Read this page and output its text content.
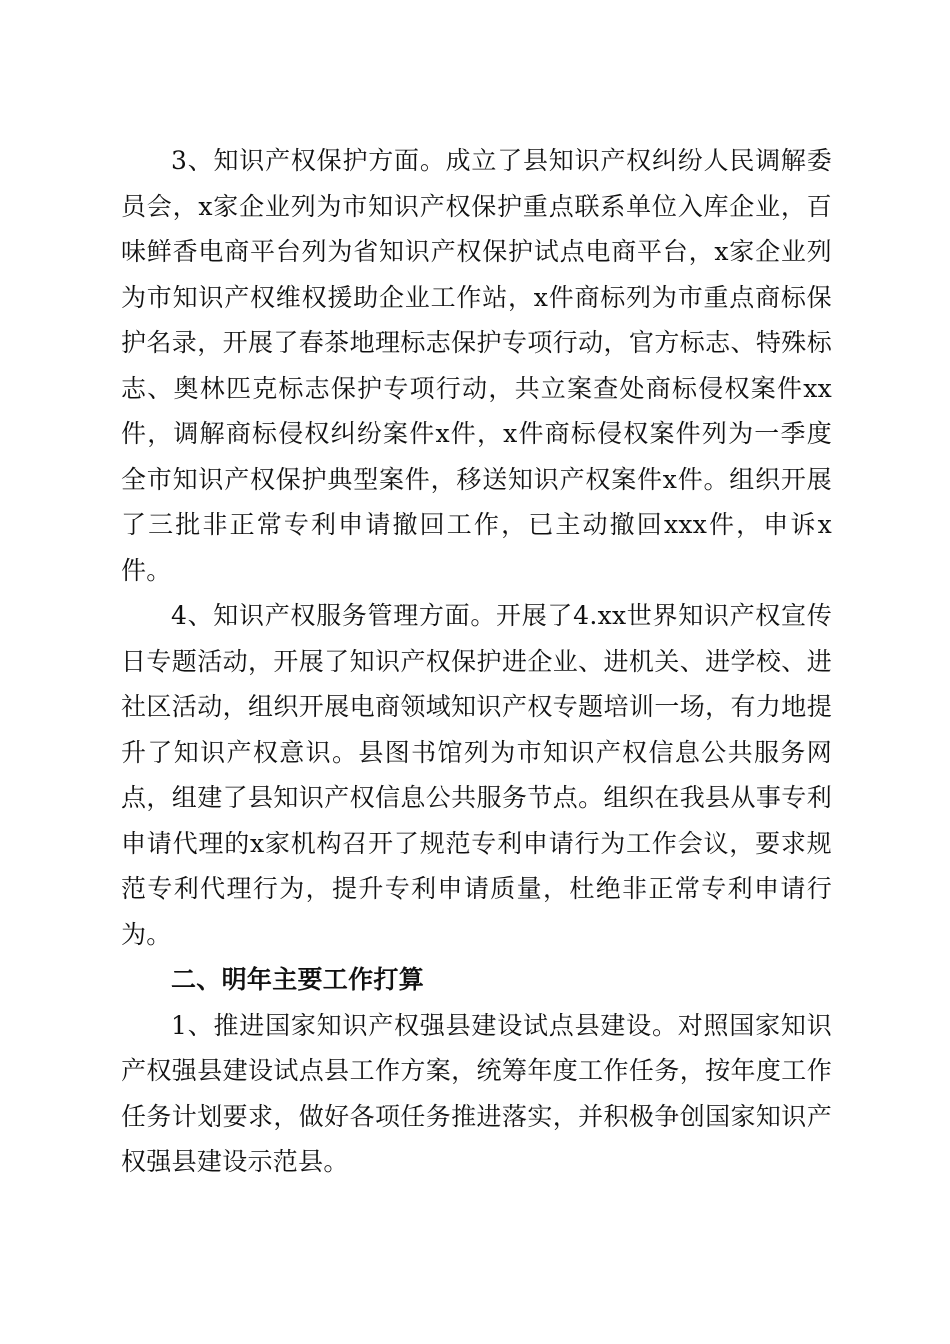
3、知识产权保护方面。成立了县知识产权纠纷人民调解委员会，x家企业列为市知识产权保护重点联系单位入库企业，百味鲜香电商平台列为省知识产权保护试点电商平台，x家企业列为市知识产权维权援助企业工作站，x件商标列为市重点商标保护名录，开展了春茶地理标志保护专项行动，官方标志、特殊标志、奥林匹克标志保护专项行动，共立案查处商标侵权案件xx件，调解商标侵权纠纷案件x件，x件商标侵权案件列为一季度全市知识产权保护典型案件，移送知识产权案件x件。组织开展了三批非正常专利申请撤回工作，已主动撤回xxx件，申诉x件。

4、知识产权服务管理方面。开展了4.xx世界知识产权宣传日专题活动，开展了知识产权保护进企业、进机关、进学校、进社区活动，组织开展电商领域知识产权专题培训一场，有力地提升了知识产权意识。县图书馆列为市知识产权信息公共服务网点，组建了县知识产权信息公共服务节点。组织在我县从事专利申请代理的x家机构召开了规范专利申请行为工作会议，要求规范专利代理行为，提升专利申请质量，杜绝非正常专利申请行为。

二、明年主要工作打算

1、推进国家知识产权强县建设试点县建设。对照国家知识产权强县建设试点县工作方案，统筹年度工作任务，按年度工作任务计划要求，做好各项任务推进落实，并积极争创国家知识产权强县建设示范县。
